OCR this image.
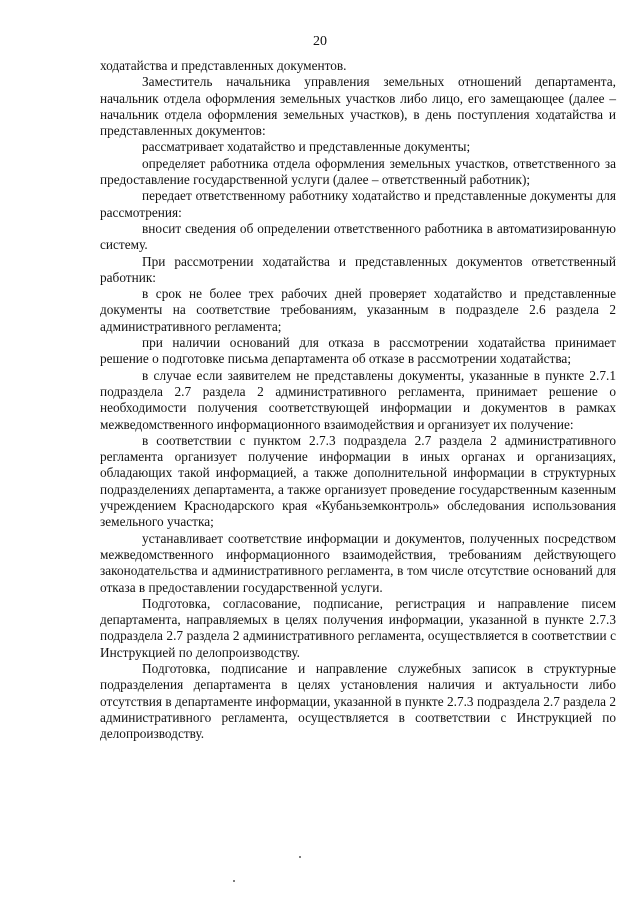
20

ходатайства и представленных документов.

Заместитель начальника управления земельных отношений департамента, начальник отдела оформления земельных участков либо лицо, его замещающее (далее – начальник отдела оформления земельных участков), в день поступления ходатайства и представленных документов:

рассматривает ходатайство и представленные документы;

определяет работника отдела оформления земельных участков, ответственного за предоставление государственной услуги (далее – ответственный работник);

передает ответственному работнику ходатайство и представленные документы для рассмотрения:

вносит сведения об определении ответственного работника в автоматизированную систему.

При рассмотрении ходатайства и представленных документов ответственный работник:

в срок не более трех рабочих дней проверяет ходатайство и представленные документы на соответствие требованиям, указанным в подразделе 2.6 раздела 2 административного регламента;

при наличии оснований для отказа в рассмотрении ходатайства принимает решение о подготовке письма департамента об отказе в рассмотрении ходатайства;

в случае если заявителем не представлены документы, указанные в пункте 2.7.1 подраздела 2.7 раздела 2 административного регламента, принимает решение о необходимости получения соответствующей информации и документов в рамках межведомственного информационного взаимодействия и организует их получение:

в соответствии с пунктом 2.7.3 подраздела 2.7 раздела 2 административного регламента организует получение информации в иных органах и организациях, обладающих такой информацией, а также дополнительной информации в структурных подразделениях департамента, а также организует проведение государственным казенным учреждением Краснодарского края «Кубаньземконтроль» обследования использования земельного участка;

устанавливает соответствие информации и документов, полученных посредством межведомственного информационного взаимодействия, требованиям действующего законодательства и административного регламента, в том числе отсутствие оснований для отказа в предоставлении государственной услуги.

Подготовка, согласование, подписание, регистрация и направление писем департамента, направляемых в целях получения информации, указанной в пункте 2.7.3 подраздела 2.7 раздела 2 административного регламента, осуществляется в соответствии с Инструкцией по делопроизводству.

Подготовка, подписание и направление служебных записок в структурные подразделения департамента в целях установления наличия и актуальности либо отсутствия в департаменте информации, указанной в пункте 2.7.3 подраздела 2.7 раздела 2 административного регламента, осуществляется в соответствии с Инструкцией по делопроизводству.
